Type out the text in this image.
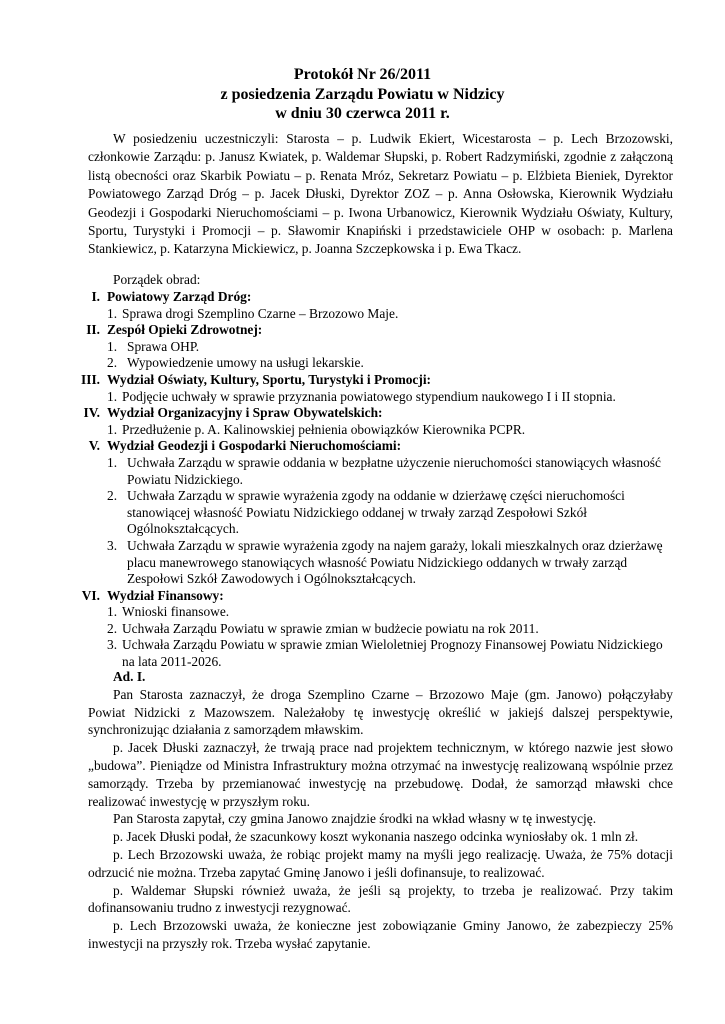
Protokół Nr 26/2011
z posiedzenia Zarządu Powiatu w Nidzicy
w dniu 30 czerwca 2011 r.

W posiedzeniu uczestniczyli: Starosta – p. Ludwik Ekiert, Wicestarosta – p. Lech Brzozowski, członkowie Zarządu: p. Janusz Kwiatek, p. Waldemar Słupski, p. Robert Radzymiński, zgodnie z załączoną listą obecności oraz Skarbik Powiatu – p. Renata Mróz, Sekretarz Powiatu – p. Elżbieta Bieniek, Dyrektor Powiatowego Zarząd Dróg – p. Jacek Dłuski, Dyrektor ZOZ – p. Anna Osłowska, Kierownik Wydziału Geodezji i Gospodarki Nieruchomościami – p. Iwona Urbanowicz, Kierownik Wydziału Oświaty, Kultury, Sportu, Turystyki i Promocji – p. Sławomir Knapiński i przedstawiciele OHP w osobach: p. Marlena Stankiewicz, p. Katarzyna Mickiewicz, p. Joanna Szczepkowska i p. Ewa Tkacz.

Porządek obrad:
I. Powiatowy Zarząd Dróg:
1. Sprawa drogi Szemplino Czarne – Brzozowo Maje.
II. Zespół Opieki Zdrowotnej:
1. Sprawa OHP.
2. Wypowiedzenie umowy na usługi lekarskie.
III. Wydział Oświaty, Kultury, Sportu, Turystyki i Promocji:
1. Podjęcie uchwały w sprawie przyznania powiatowego stypendium naukowego I i II stopnia.
IV. Wydział Organizacyjny i Spraw Obywatelskich:
1. Przedłużenie p. A. Kalinowskiej pełnienia obowiązków Kierownika PCPR.
V. Wydział Geodezji i Gospodarki Nieruchomościami:
1. Uchwała Zarządu w sprawie oddania w bezpłatne użyczenie nieruchomości stanowiących własność Powiatu Nidzickiego.
2. Uchwała Zarządu w sprawie wyrażenia zgody na oddanie w dzierżawę części nieruchomości stanowiącej własność Powiatu Nidzickiego oddanej w trwały zarząd Zespołowi Szkół Ogólnokształcących.
3. Uchwała Zarządu w sprawie wyrażenia zgody na najem garaży, lokali mieszkalnych oraz dzierżawę placu manewrowego stanowiących własność Powiatu Nidzickiego oddanych w trwały zarząd Zespołowi Szkół Zawodowych i Ogólnokształcących.
VI. Wydział Finansowy:
1. Wnioski finansowe.
2. Uchwała Zarządu Powiatu w sprawie zmian w budżecie powiatu na rok 2011.
3. Uchwała Zarządu Powiatu w sprawie zmian Wieloletniej Prognozy Finansowej Powiatu Nidzickiego na lata 2011-2026.
Ad. I.

Pan Starosta zaznaczył, że droga Szemplino Czarne – Brzozowo Maje (gm. Janowo) połączyłaby Powiat Nidzicki z Mazowszem. Należałoby tę inwestycję określić w jakiejś dalszej perspektywie, synchronizując działania z samorządem mławskim.

p. Jacek Dłuski zaznaczył, że trwają prace nad projektem technicznym, w którego nazwie jest słowo „budowa”. Pieniądze od Ministra Infrastruktury można otrzymać na inwestycję realizowaną wspólnie przez samorządy. Trzeba by przemianować inwestycję na przebudowę. Dodał, że samorząd mławski chce realizować inwestycję w przyszłym roku.

Pan Starosta zapytał, czy gmina Janowo znajdzie środki na wkład własny w tę inwestycję.

p. Jacek Dłuski podał, że szacunkowy koszt wykonania naszego odcinka wyniosłaby ok. 1 mln zł.

p. Lech Brzozowski uważa, że robiąc projekt mamy na myśli jego realizację. Uważa, że 75% dotacji odrzucić nie można. Trzeba zapytać Gminę Janowo i jeśli dofinansuje, to realizować.

p. Waldemar Słupski również uważa, że jeśli są projekty, to trzeba je realizować. Przy takim dofinansowaniu trudno z inwestycji rezygnować.

p. Lech Brzozowski uważa, że konieczne jest zobowiązanie Gminy Janowo, że zabezpieczy 25% inwestycji na przyszły rok. Trzeba wysłać zapytanie.
